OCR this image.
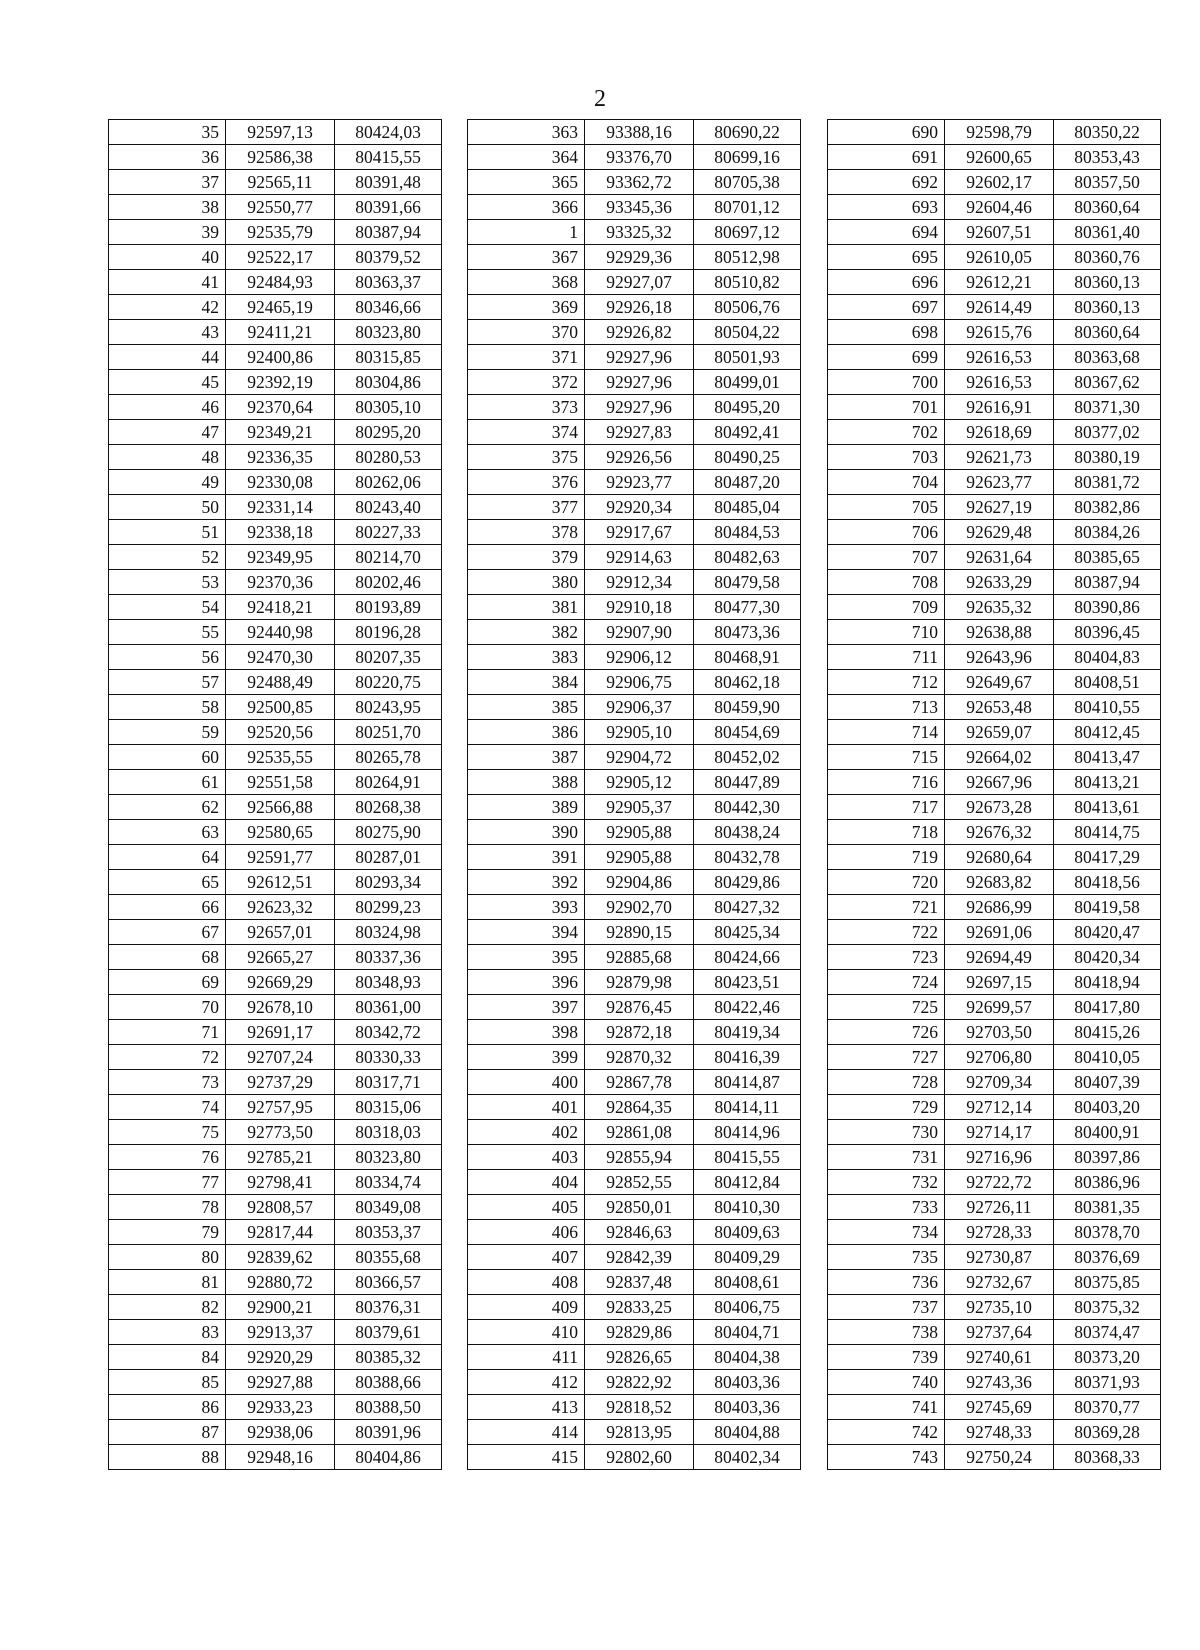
2
35	92597,13	80424,03
36	92586,38	80415,55
37	92565,11	80391,48
38	92550,77	80391,66
39	92535,79	80387,94
40	92522,17	80379,52
41	92484,93	80363,37
42	92465,19	80346,66
43	92411,21	80323,80
44	92400,86	80315,85
45	92392,19	80304,86
46	92370,64	80305,10
47	92349,21	80295,20
48	92336,35	80280,53
49	92330,08	80262,06
50	92331,14	80243,40
51	92338,18	80227,33
52	92349,95	80214,70
53	92370,36	80202,46
54	92418,21	80193,89
55	92440,98	80196,28
56	92470,30	80207,35
57	92488,49	80220,75
58	92500,85	80243,95
59	92520,56	80251,70
60	92535,55	80265,78
61	92551,58	80264,91
62	92566,88	80268,38
63	92580,65	80275,90
64	92591,77	80287,01
65	92612,51	80293,34
66	92623,32	80299,23
67	92657,01	80324,98
68	92665,27	80337,36
69	92669,29	80348,93
70	92678,10	80361,00
71	92691,17	80342,72
72	92707,24	80330,33
73	92737,29	80317,71
74	92757,95	80315,06
75	92773,50	80318,03
76	92785,21	80323,80
77	92798,41	80334,74
78	92808,57	80349,08
79	92817,44	80353,37
80	92839,62	80355,68
81	92880,72	80366,57
82	92900,21	80376,31
83	92913,37	80379,61
84	92920,29	80385,32
85	92927,88	80388,66
86	92933,23	80388,50
87	92938,06	80391,96
88	92948,16	80404,86
363	93388,16	80690,22
364	93376,70	80699,16
365	93362,72	80705,38
366	93345,36	80701,12
1	93325,32	80697,12
367	92929,36	80512,98
368	92927,07	80510,82
369	92926,18	80506,76
370	92926,82	80504,22
371	92927,96	80501,93
372	92927,96	80499,01
373	92927,96	80495,20
374	92927,83	80492,41
375	92926,56	80490,25
376	92923,77	80487,20
377	92920,34	80485,04
378	92917,67	80484,53
379	92914,63	80482,63
380	92912,34	80479,58
381	92910,18	80477,30
382	92907,90	80473,36
383	92906,12	80468,91
384	92906,75	80462,18
385	92906,37	80459,90
386	92905,10	80454,69
387	92904,72	80452,02
388	92905,12	80447,89
389	92905,37	80442,30
390	92905,88	80438,24
391	92905,88	80432,78
392	92904,86	80429,86
393	92902,70	80427,32
394	92890,15	80425,34
395	92885,68	80424,66
396	92879,98	80423,51
397	92876,45	80422,46
398	92872,18	80419,34
399	92870,32	80416,39
400	92867,78	80414,87
401	92864,35	80414,11
402	92861,08	80414,96
403	92855,94	80415,55
404	92852,55	80412,84
405	92850,01	80410,30
406	92846,63	80409,63
407	92842,39	80409,29
408	92837,48	80408,61
409	92833,25	80406,75
410	92829,86	80404,71
411	92826,65	80404,38
412	92822,92	80403,36
413	92818,52	80403,36
414	92813,95	80404,88
415	92802,60	80402,34
690	92598,79	80350,22
691	92600,65	80353,43
692	92602,17	80357,50
693	92604,46	80360,64
694	92607,51	80361,40
695	92610,05	80360,76
696	92612,21	80360,13
697	92614,49	80360,13
698	92615,76	80360,64
699	92616,53	80363,68
700	92616,53	80367,62
701	92616,91	80371,30
702	92618,69	80377,02
703	92621,73	80380,19
704	92623,77	80381,72
705	92627,19	80382,86
706	92629,48	80384,26
707	92631,64	80385,65
708	92633,29	80387,94
709	92635,32	80390,86
710	92638,88	80396,45
711	92643,96	80404,83
712	92649,67	80408,51
713	92653,48	80410,55
714	92659,07	80412,45
715	92664,02	80413,47
716	92667,96	80413,21
717	92673,28	80413,61
718	92676,32	80414,75
719	92680,64	80417,29
720	92683,82	80418,56
721	92686,99	80419,58
722	92691,06	80420,47
723	92694,49	80420,34
724	92697,15	80418,94
725	92699,57	80417,80
726	92703,50	80415,26
727	92706,80	80410,05
728	92709,34	80407,39
729	92712,14	80403,20
730	92714,17	80400,91
731	92716,96	80397,86
732	92722,72	80386,96
733	92726,11	80381,35
734	92728,33	80378,70
735	92730,87	80376,69
736	92732,67	80375,85
737	92735,10	80375,32
738	92737,64	80374,47
739	92740,61	80373,20
740	92743,36	80371,93
741	92745,69	80370,77
742	92748,33	80369,28
743	92750,24	80368,33
